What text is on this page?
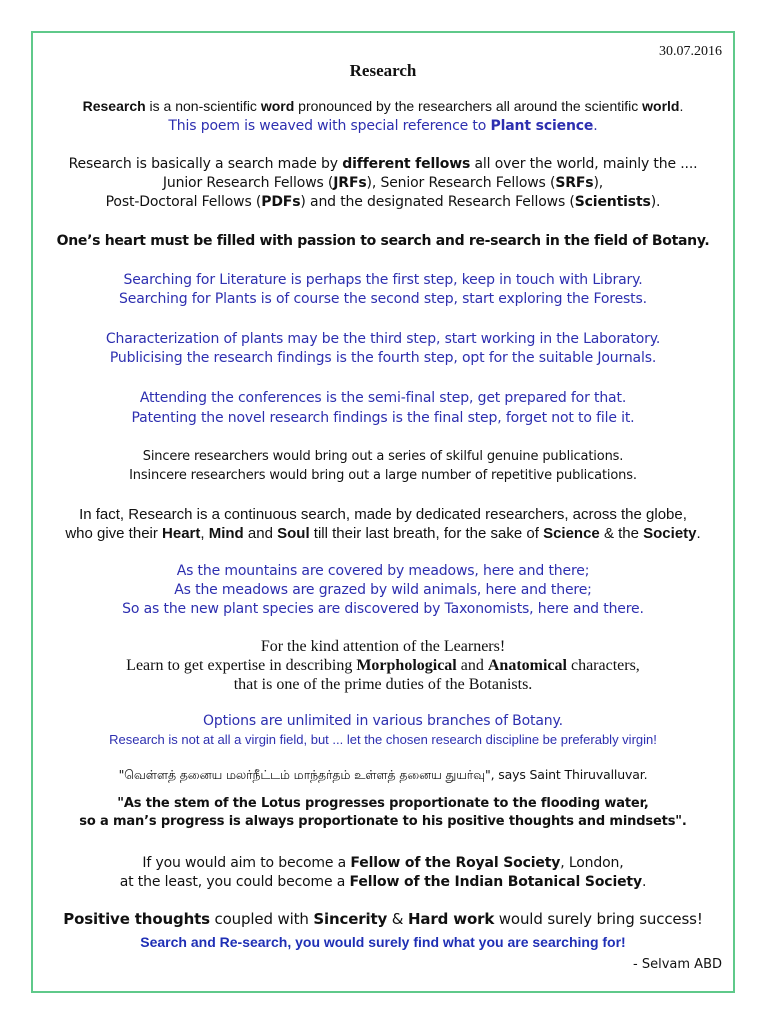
30.07.2016
Research
Research is a non-scientific word pronounced by the researchers all around the scientific world.
This poem is weaved with special reference to Plant science.
Research is basically a search made by different fellows all over the world, mainly the ....
Junior Research Fellows (JRFs), Senior Research Fellows (SRFs),
Post-Doctoral Fellows (PDFs) and the designated Research Fellows (Scientists).
One’s heart must be filled with passion to search and re-search in the field of Botany.
Searching for Literature is perhaps the first step, keep in touch with Library.
Searching for Plants is of course the second step, start exploring the Forests.
Characterization of plants may be the third step, start working in the Laboratory.
Publicising the research findings is the fourth step, opt for the suitable Journals.
Attending the conferences is the semi-final step, get prepared for that.
Patenting the novel research findings is the final step, forget not to file it.
Sincere researchers would bring out a series of skilful genuine publications.
Insincere researchers would bring out a large number of repetitive publications.
In fact, Research is a continuous search, made by dedicated researchers, across the globe,
who give their Heart, Mind and Soul till their last breath, for the sake of Science & the Society.
As the mountains are covered by meadows, here and there;
As the meadows are grazed by wild animals, here and there;
So as the new plant species are discovered by Taxonomists, here and there.
For the kind attention of the Learners!
Learn to get expertise in describing Morphological and Anatomical characters,
that is one of the prime duties of the Botanists.
Options are unlimited in various branches of Botany.
Research is not at all a virgin field, but ... let the chosen research discipline be preferably virgin!
"வெள்ளத் தனைய மலர்நீட்டம் மாந்தர்தம் உள்ளத் தனைய துயர்வு", says Saint Thiruvalluvar.
"As the stem of the Lotus progresses proportionate to the flooding water,
so a man’s progress is always proportionate to his positive thoughts and mindsets".
If you would aim to become a Fellow of the Royal Society, London,
at the least, you could become a Fellow of the Indian Botanical Society.
Positive thoughts coupled with Sincerity & Hard work would surely bring success!
Search and Re-search, you would surely find what you are searching for!
- Selvam ABD
